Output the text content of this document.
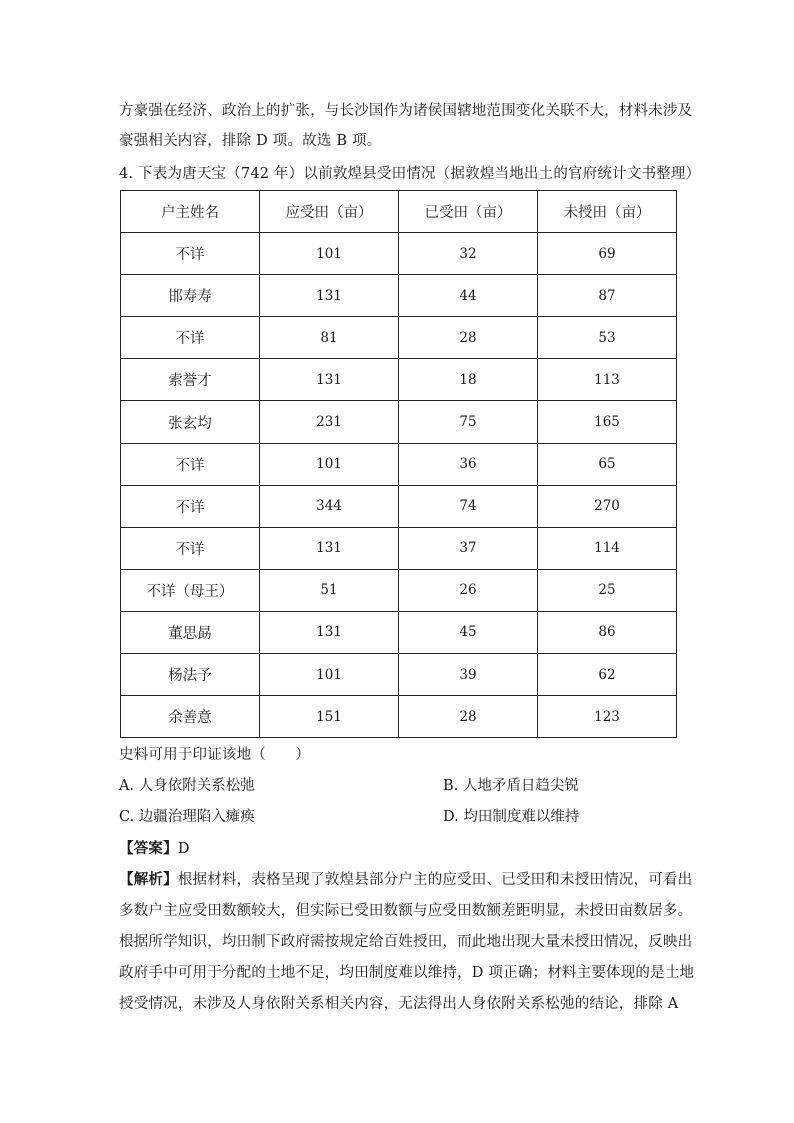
方豪强在经济、政治上的扩张，与长沙国作为诸侯国辖地范围变化关联不大，材料未涉及
豪强相关内容，排除 D 项。故选 B 项。
4. 下表为唐天宝（742 年）以前敦煌县受田情况（据敦煌当地出土的官府统计文书整理）
户主姓名	应受田（亩）	已受田（亩）	未授田（亩）
不详	101	32	69
邯寿寿	131	44	87
不详	81	28	53
索誉才	131	18	113
张玄均	231	75	165
不详	101	36	65
不详	344	74	270
不详	131	37	114
不详（母王）	51	26	25
董思勗	131	45	86
杨法予	101	39	62
余善意	151	28	123
史料可用于印证该地（　　）
A. 人身依附关系松弛	B. 人地矛盾日趋尖锐
C. 边疆治理陷入瘫痪	D. 均田制度难以维持
【答案】D
【解析】根据材料，表格呈现了敦煌县部分户主的应受田、已受田和未授田情况，可看出
多数户主应受田数额较大，但实际已受田数额与应受田数额差距明显，未授田亩数居多。
根据所学知识，均田制下政府需按规定给百姓授田，而此地出现大量未授田情况，反映出
政府手中可用于分配的土地不足，均田制度难以维持，D 项正确；材料主要体现的是土地
授受情况，未涉及人身依附关系相关内容，无法得出人身依附关系松弛的结论，排除 A
